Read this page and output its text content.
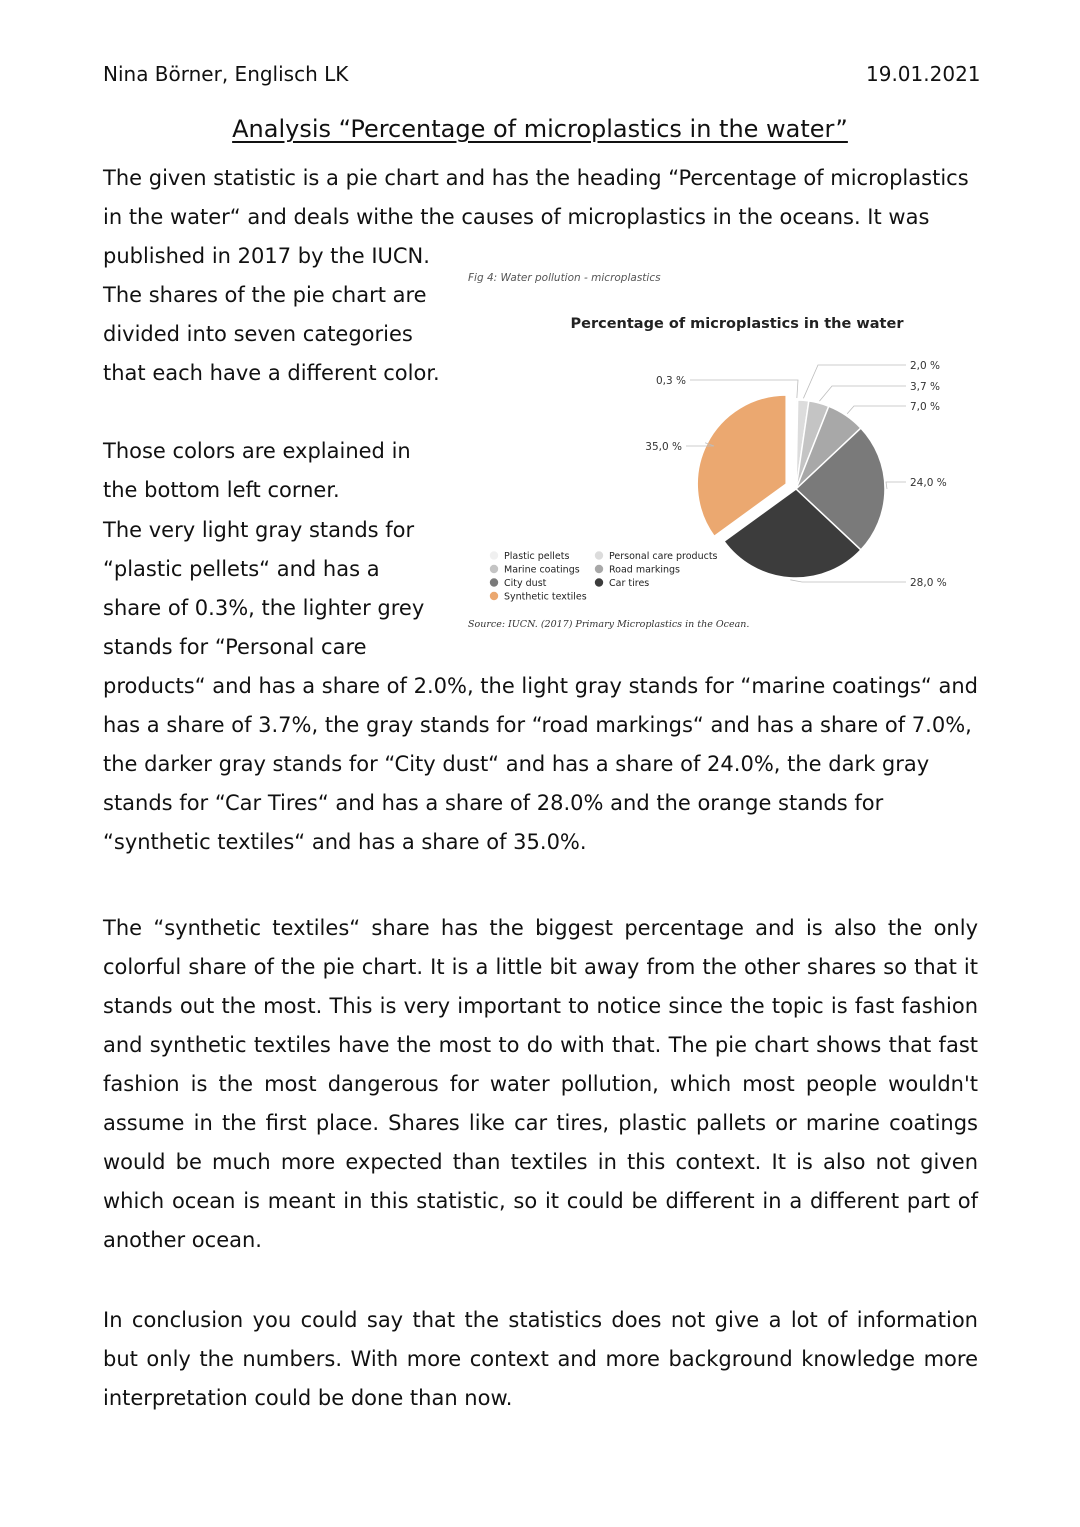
Nina Börner, Englisch LK	19.01.2021
Analysis “Percentage of microplastics in the water”
The given statistic is a pie chart and has the heading “Percentage of microplastics
in the water“ and deals withe the causes of microplastics in the oceans. It was
published in 2017 by the IUCN.
The shares of the pie chart are
divided into seven categories
that each have a different color.
Those colors are explained in
the bottom left corner.
The very light gray stands for
“plastic pellets“ and has a
share of 0.3%, the lighter grey
stands for “Personal care
products“ and has a share of 2.0%, the light gray stands for “marine coatings“ and
has a share of 3.7%, the gray stands for “road markings“ and has a share of 7.0%,
the darker gray stands for “City dust“ and has a share of 24.0%, the dark gray
stands for “Car Tires“ and has a share of 28.0% and the orange stands for
“synthetic textiles“ and has a share of 35.0%.

The “synthetic textiles“ share has the biggest percentage and is also the only colorful share of the pie chart. It is a little bit away from the other shares so that it stands out the most. This is very important to notice since the topic is fast fashion and synthetic textiles have the most to do with that. The pie chart shows that fast fashion is the most dangerous for water pollution, which most people wouldn't assume in the first place. Shares like car tires, plastic pallets or marine coatings would be much more expected than textiles in this context. It is also not given which ocean is meant in this statistic, so it could be different in a different part of another ocean.

In conclusion you could say that the statistics does not give a lot of information but only the numbers. With more context and more background knowledge more interpretation could be done than now.

Fig 4: Water pollution - microplastics
Percentage of microplastics in the water
0,3 %
2,0 %
3,7 %
7,0 %
24,0 %
28,0 %
35,0 %
Plastic pellets
Marine coatings
City dust
Synthetic textiles
Personal care products
Road markings
Car tires
Source: IUCN. (2017) Primary Microplastics in the Ocean.
